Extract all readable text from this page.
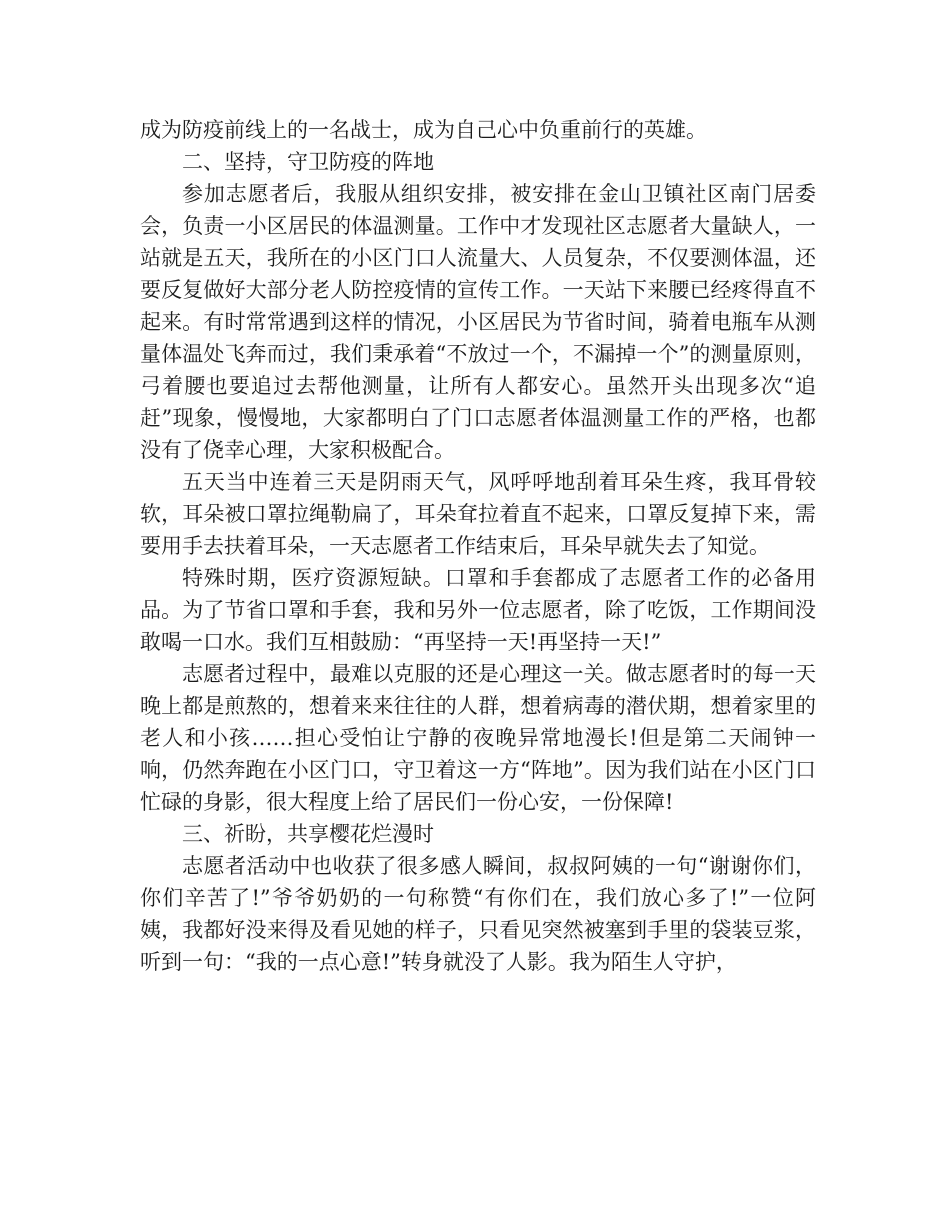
成为防疫前线上的一名战士，成为自己心中负重前行的英雄。

二、坚持，守卫防疫的阵地

参加志愿者后，我服从组织安排，被安排在金山卫镇社区南门居委会，负责一小区居民的体温测量。工作中才发现社区志愿者大量缺人，一站就是五天，我所在的小区门口人流量大、人员复杂，不仅要测体温，还要反复做好大部分老人防控疫情的宣传工作。一天站下来腰已经疼得直不起来。有时常常遇到这样的情况，小区居民为节省时间，骑着电瓶车从测量体温处飞奔而过，我们秉承着“不放过一个，不漏掉一个”的测量原则，弓着腰也要追过去帮他测量，让所有人都安心。虽然开头出现多次“追赶”现象，慢慢地，大家都明白了门口志愿者体温测量工作的严格，也都没有了侥幸心理，大家积极配合。

五天当中连着三天是阴雨天气，风呼呼地刮着耳朵生疼，我耳骨较软，耳朵被口罩拉绳勒扁了，耳朵耷拉着直不起来，口罩反复掉下来，需要用手去扶着耳朵，一天志愿者工作结束后，耳朵早就失去了知觉。

特殊时期，医疗资源短缺。口罩和手套都成了志愿者工作的必备用品。为了节省口罩和手套，我和另外一位志愿者，除了吃饭，工作期间没敢喝一口水。我们互相鼓励：“再坚持一天!再坚持一天!”

志愿者过程中，最难以克服的还是心理这一关。做志愿者时的每一天晚上都是煎熬的，想着来来往往的人群，想着病毒的潜伏期，想着家里的老人和小孩……担心受怕让宁静的夜晚异常地漫长!但是第二天闹钟一响，仍然奔跑在小区门口，守卫着这一方“阵地”。因为我们站在小区门口忙碌的身影，很大程度上给了居民们一份心安，一份保障!

三、祈盼，共享樱花烂漫时

志愿者活动中也收获了很多感人瞬间，叔叔阿姨的一句“谢谢你们，你们辛苦了!”爷爷奶奶的一句称赞“有你们在，我们放心多了!”一位阿姨，我都好没来得及看见她的样子，只看见突然被塞到手里的袋装豆浆，听到一句：“我的一点心意!”转身就没了人影。我为陌生人守护，
